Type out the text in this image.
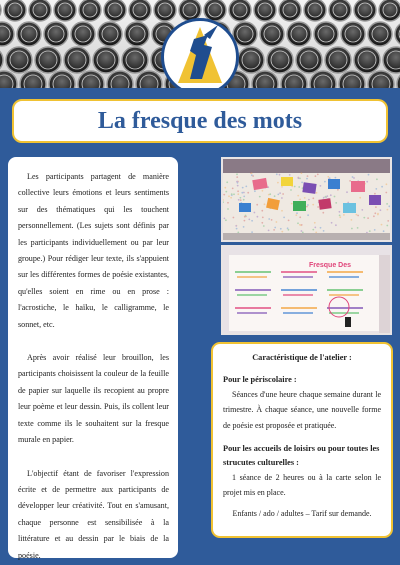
La fresque des mots

Les participants partagent de manière collective leurs émotions et leurs sentiments sur des thématiques qui les touchent personnellement. (Les sujets sont définis par les participants individuellement ou par leur groupe.) Pour rédiger leur texte, ils s'appuient sur les différentes formes de poésie existantes, qu'elles soient en rime ou en prose : l'acrostiche, le haïku, le calligramme, le sonnet, etc.

Après avoir réalisé leur brouillon, les participants choisissent la couleur de la feuille de papier sur laquelle ils recopient au propre leur poème et leur dessin. Puis, ils collent leur texte comme ils le souhaitent sur la fresque murale en papier.

L'objectif étant de favoriser l'expression écrite et de permettre aux participants de développer leur créativité. Tout en s'amusant, chaque personne est sensibilisée à la littérature et au dessin par le biais de la poésie.

Fresque Des
Caractéristique de l'atelier :
Pour le périscolaire :
Séances d'une heure chaque semaine durant le trimestre. À chaque séance, une nouvelle forme de poésie est proposée et pratiquée.
Pour les accueils de loisirs ou pour toutes les strucutes culturelles :
1 séance de 2 heures ou à la carte selon le projet mis en place.
Enfants / ado / adultes – Tarif sur demande.
